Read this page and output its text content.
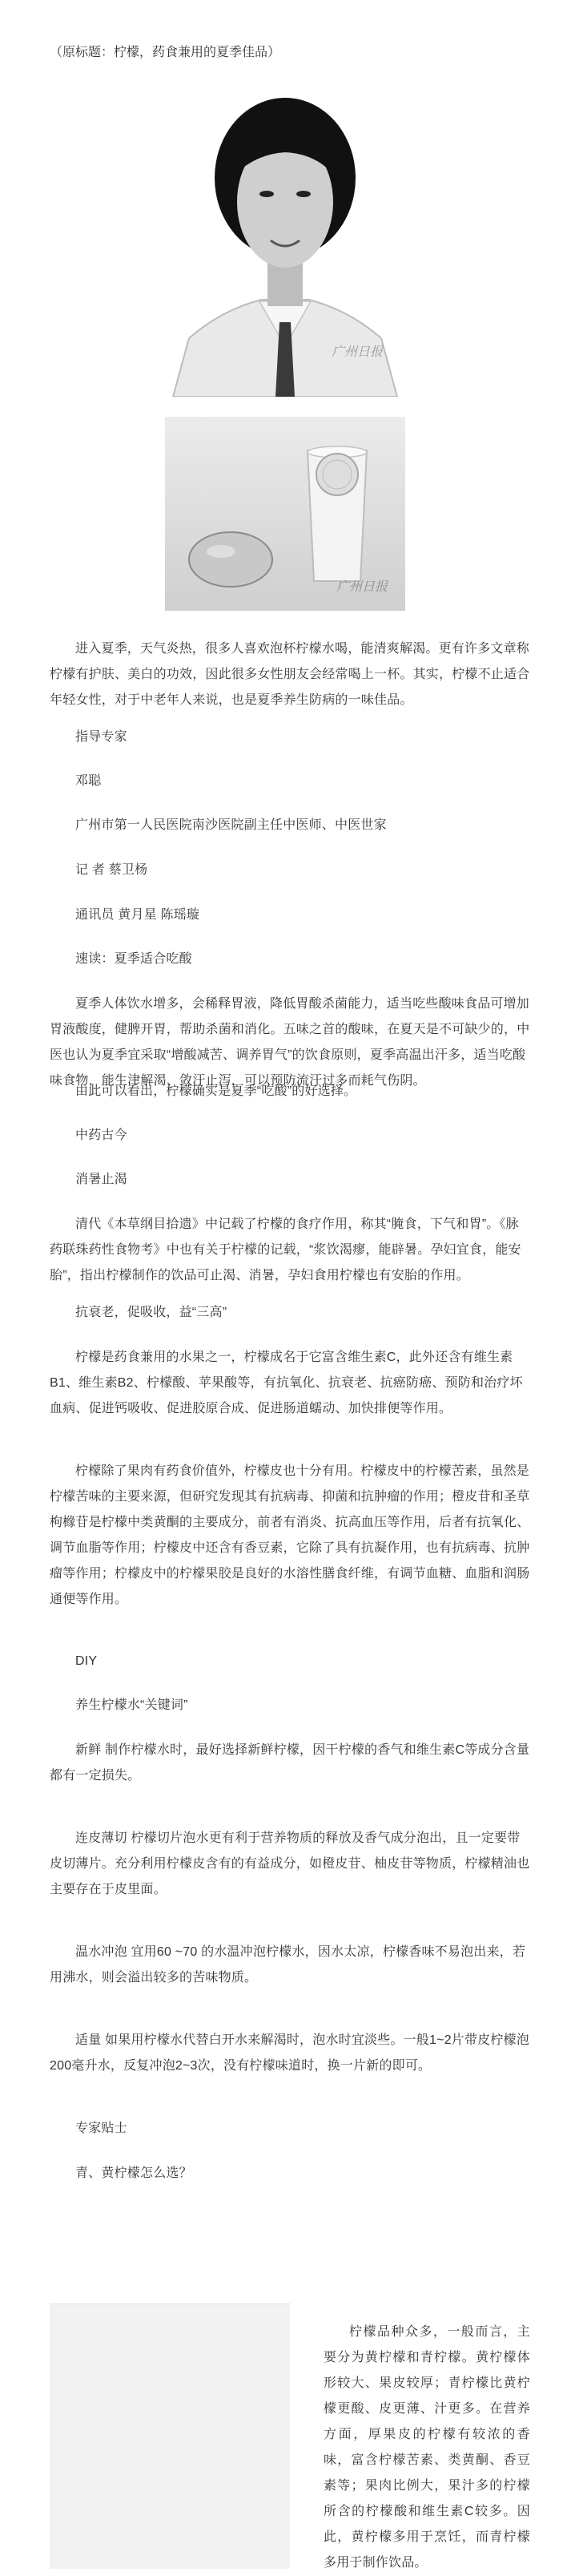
（原标题：柠檬，药食兼用的夏季佳品）
广州日报
广州日报

进入夏季，天气炎热，很多人喜欢泡杯柠檬水喝，能清爽解渴。更有许多文章称柠檬有护肤、美白的功效，因此很多女性朋友会经常喝上一杯。其实，柠檬不止适合年轻女性，对于中老年人来说，也是夏季养生防病的一味佳品。

指导专家

邓聪

广州市第一人民医院南沙医院副主任中医师、中医世家

记 者 蔡卫杨

通讯员 黄月星 陈瑶璇

速读：夏季适合吃酸

夏季人体饮水增多，会稀释胃液，降低胃酸杀菌能力，适当吃些酸味食品可增加胃液酸度，健脾开胃，帮助杀菌和消化。五味之首的酸味，在夏天是不可缺少的，中医也认为夏季宜采取“增酸减苦、调养胃气”的饮食原则，夏季高温出汗多，适当吃酸味食物，能生津解渴、敛汗止泻，可以预防流汗过多而耗气伤阴。

由此可以看出，柠檬确实是夏季“吃酸”的好选择。

中药古今

消暑止渴

清代《本草纲目拾遗》中记载了柠檬的食疗作用，称其“腌食，下气和胃”。《脉药联珠药性食物考》中也有关于柠檬的记载，“浆饮渴瘳，能辟暑。孕妇宜食，能安胎”，指出柠檬制作的饮品可止渴、消暑，孕妇食用柠檬也有安胎的作用。

抗衰老，促吸收，益“三高”

柠檬是药食兼用的水果之一，柠檬成名于它富含维生素C，此外还含有维生素B1、维生素B2、柠檬酸、苹果酸等，有抗氧化、抗衰老、抗癌防癌、预防和治疗坏血病、促进钙吸收、促进胶原合成、促进肠道蠕动、加快排便等作用。

柠檬除了果肉有药食价值外，柠檬皮也十分有用。柠檬皮中的柠檬苦素，虽然是柠檬苦味的主要来源，但研究发现其有抗病毒、抑菌和抗肿瘤的作用；橙皮苷和圣草枸橼苷是柠檬中类黄酮的主要成分，前者有消炎、抗高血压等作用，后者有抗氧化、调节血脂等作用；柠檬皮中还含有香豆素，它除了具有抗凝作用，也有抗病毒、抗肿瘤等作用；柠檬皮中的柠檬果胶是良好的水溶性膳食纤维，有调节血糖、血脂和润肠通便等作用。

DIY

养生柠檬水“关键词”

新鲜 制作柠檬水时，最好选择新鲜柠檬，因干柠檬的香气和维生素C等成分含量都有一定损失。

连皮薄切 柠檬切片泡水更有利于营养物质的释放及香气成分泡出，且一定要带皮切薄片。充分利用柠檬皮含有的有益成分，如橙皮苷、柚皮苷等物质，柠檬精油也主要存在于皮里面。

温水冲泡 宜用60 ~70 的水温冲泡柠檬水，因水太凉，柠檬香味不易泡出来，若用沸水，则会溢出较多的苦味物质。

适量 如果用柠檬水代替白开水来解渴时，泡水时宜淡些。一般1~2片带皮柠檬泡200毫升水，反复冲泡2~3次，没有柠檬味道时，换一片新的即可。

专家贴士

青、黄柠檬怎么选？

柠檬品种众多，一般而言，主要分为黄柠檬和青柠檬。黄柠檬体形较大、果皮较厚；青柠檬比黄柠檬更酸、皮更薄、汁更多。在营养方面，厚果皮的柠檬有较浓的香味，富含柠檬苦素、类黄酮、香豆素等；果肉比例大，果汁多的柠檬所含的柠檬酸和维生素C较多。因此，黄柠檬多用于烹饪，而青柠檬多用于制作饮品。
